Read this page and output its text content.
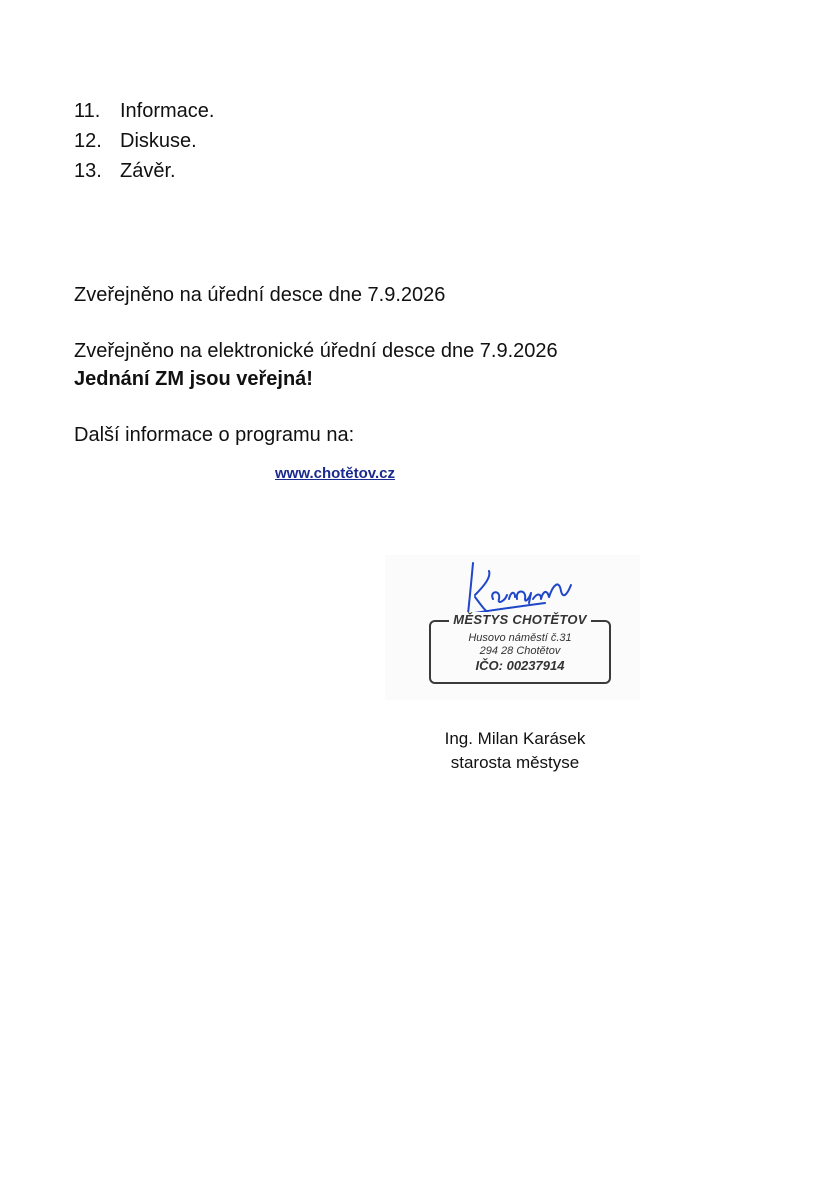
11. Informace.
12. Diskuse.
13. Závěr.
Zveřejněno na úřední desce dne 7.9.2026
Zveřejněno na elektronické úřední desce dne 7.9.2026
Jednání ZM jsou veřejná!
Další informace o programu na:
www.chotětov.cz
MĚSTYS CHOTĚTOV
Husovo náměstí č.31
294 28 Chotětov
IČO: 00237914
Ing. Milan Karásek
starosta městyse
